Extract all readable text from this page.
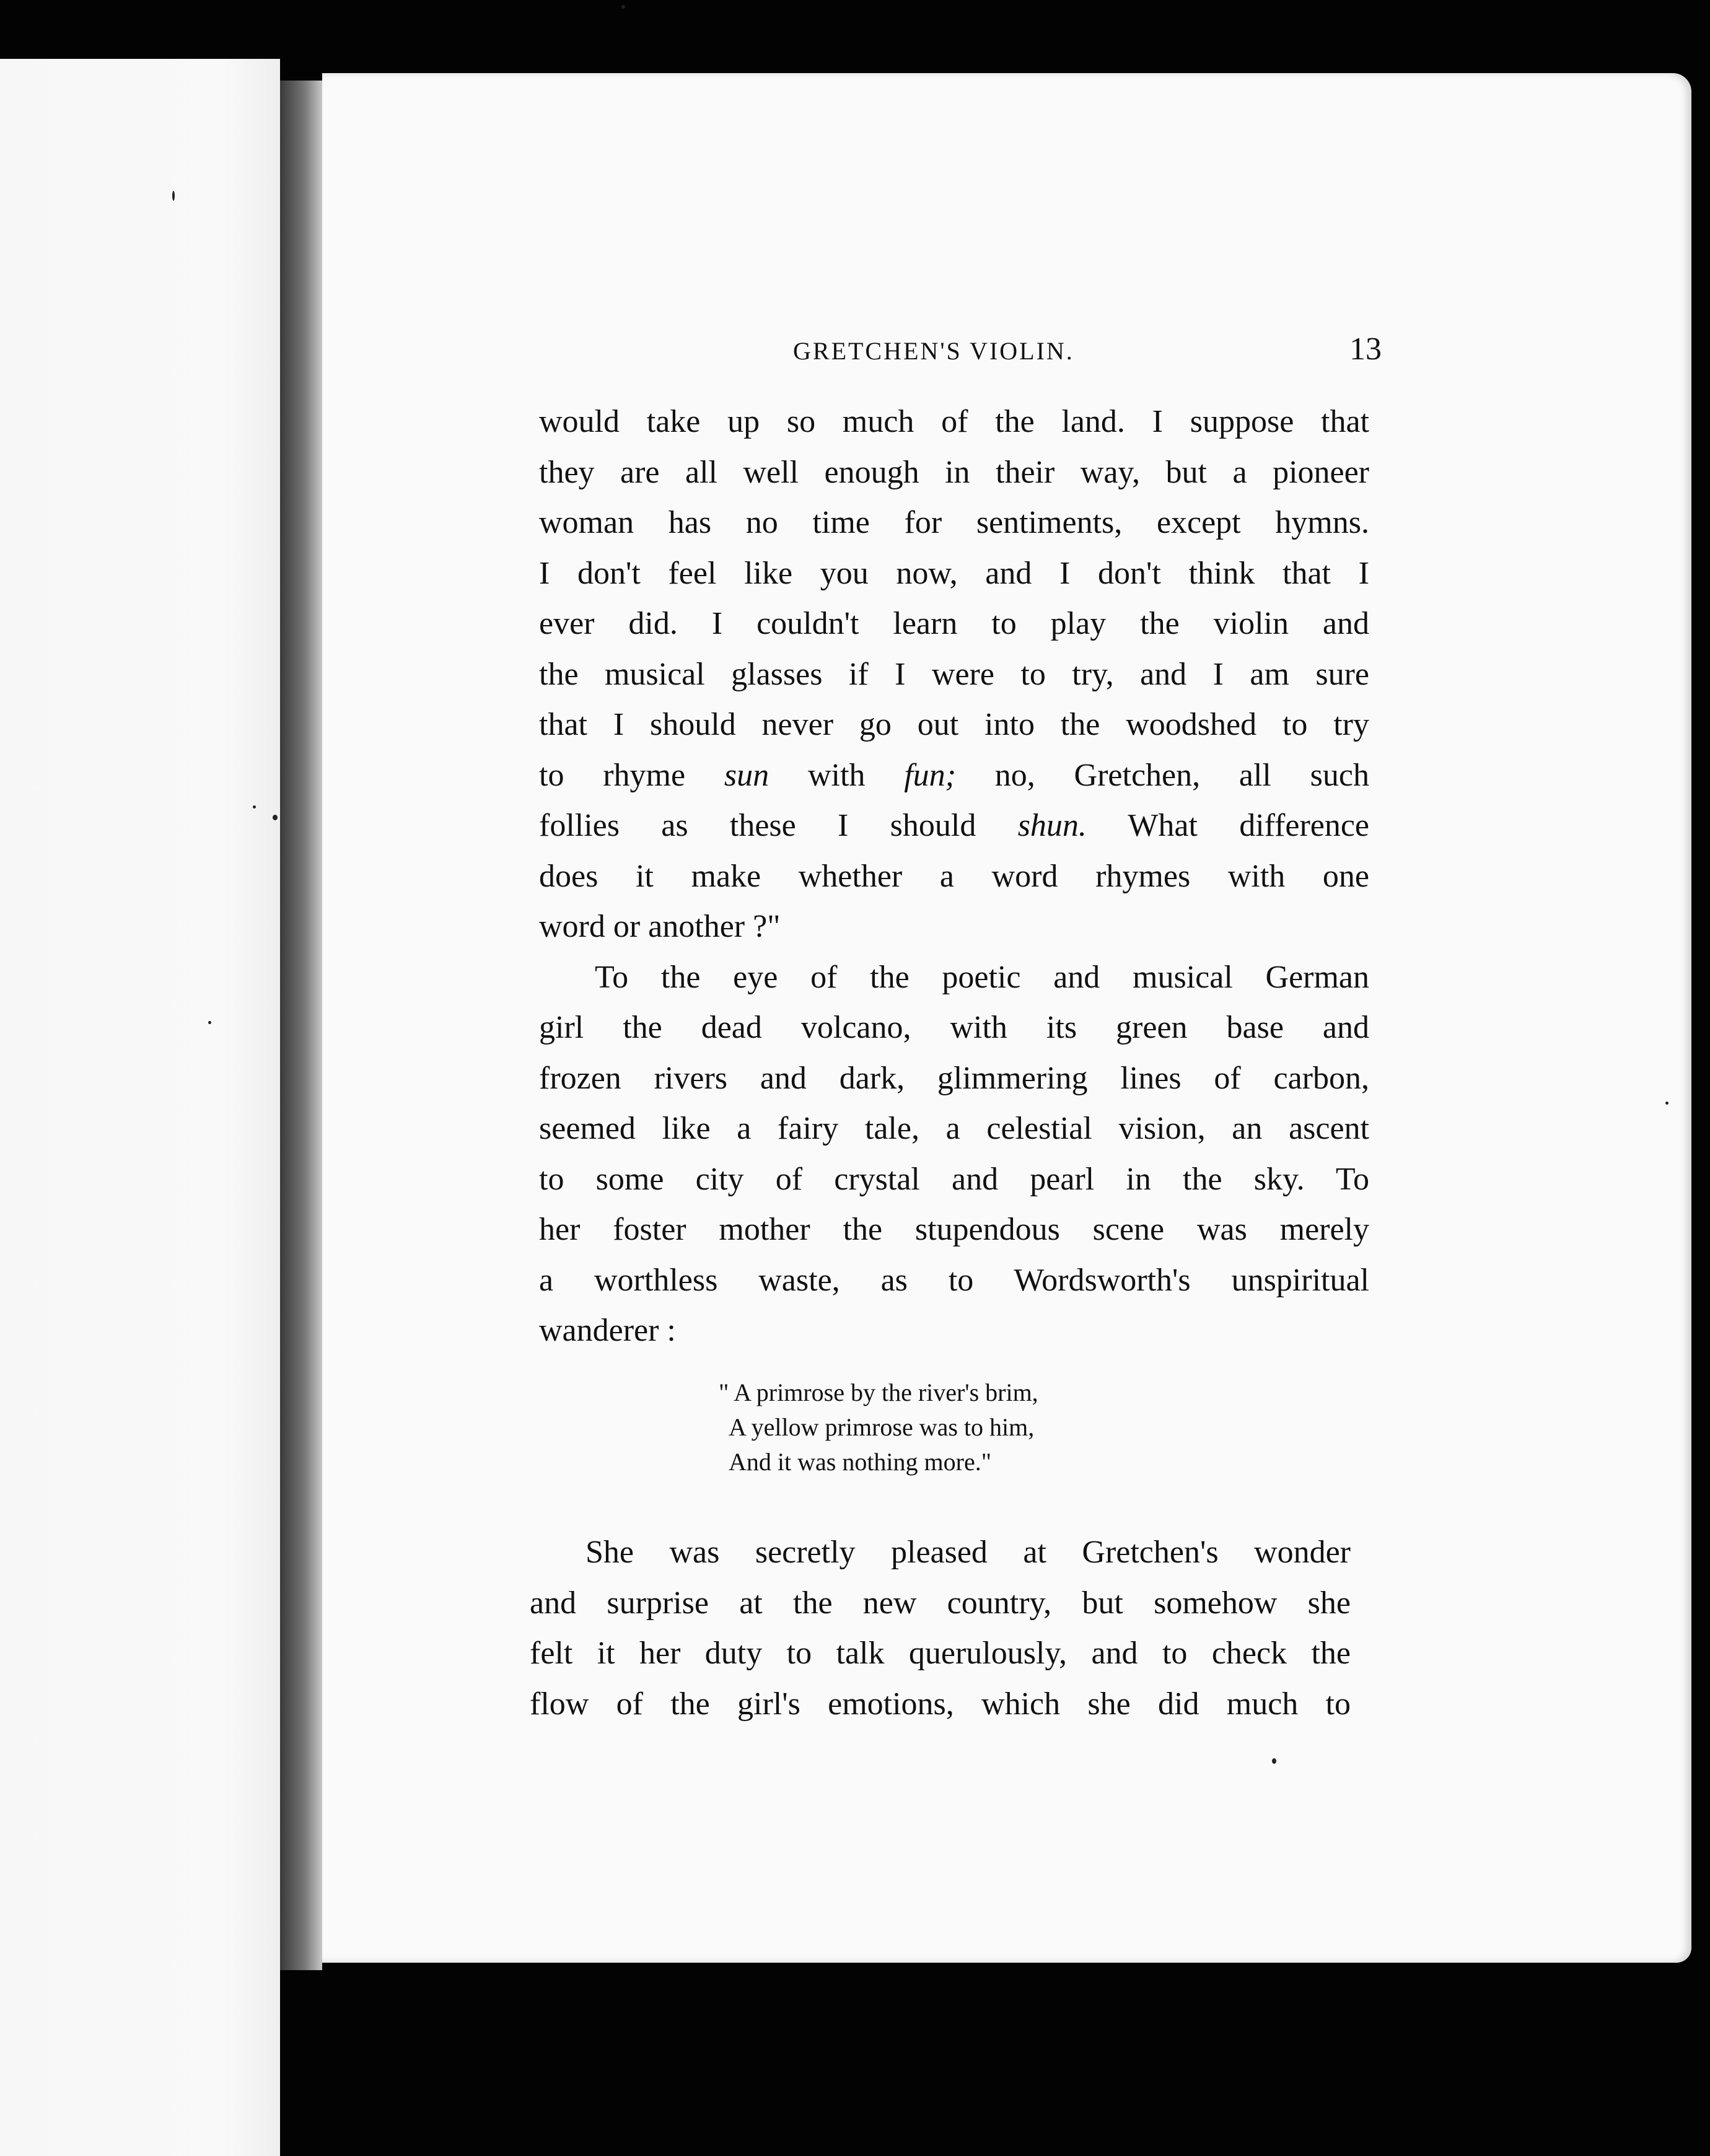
GRETCHEN'S VIOLIN.	13

would take up so much of the land. I suppose that

they are all well enough in their way, but a pioneer

woman has no time for sentiments, except hymns.

I don't feel like you now, and I don't think that I

ever did. I couldn't learn to play the violin and

the musical glasses if I were to try, and I am sure

that I should never go out into the woodshed to try

to rhyme sun with fun; no, Gretchen, all such

follies as these I should shun. What difference

does it make whether a word rhymes with one

word or another ?"

To the eye of the poetic and musical German

girl the dead volcano, with its green base and

frozen rivers and dark, glimmering lines of carbon,

seemed like a fairy tale, a celestial vision, an ascent

to some city of crystal and pearl in the sky. To

her foster mother the stupendous scene was merely

a worthless waste, as to Wordsworth's unspiritual

wanderer :

" A primrose by the river's brim,
A yellow primrose was to him,
And it was nothing more."

She was secretly pleased at Gretchen's wonder

and surprise at the new country, but somehow she

felt it her duty to talk querulously, and to check the

flow of the girl's emotions, which she did much to
